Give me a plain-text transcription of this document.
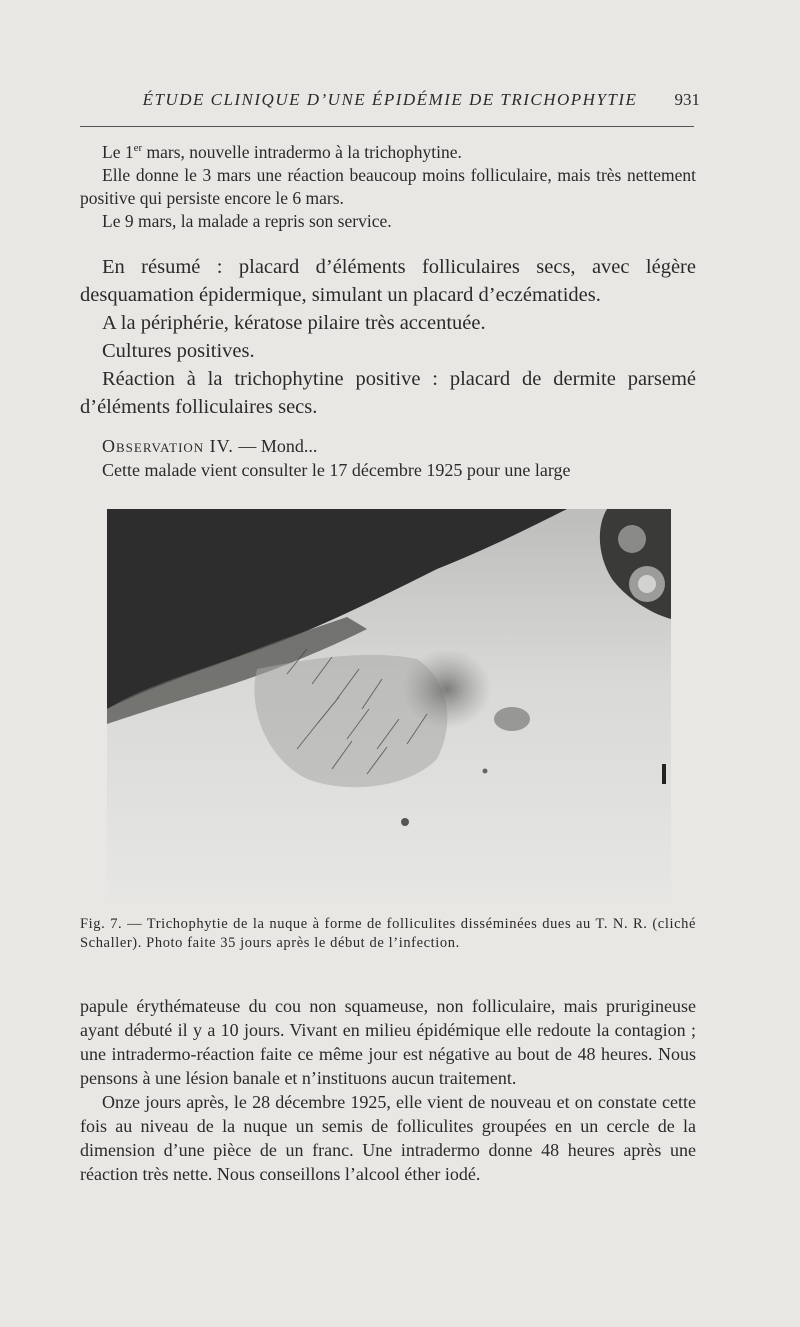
ÉTUDE CLINIQUE D’UNE ÉPIDÉMIE DE TRICHOPHYTIE	931

Le 1er mars, nouvelle intradermo à la trichophytine.

Elle donne le 3 mars une réaction beaucoup moins folliculaire, mais très nettement positive qui persiste encore le 6 mars.

Le 9 mars, la malade a repris son service.

En résumé : placard d’éléments folliculaires secs, avec légère desquamation épidermique, simulant un placard d’eczématides.

A la périphérie, kératose pilaire très accentuée.

Cultures positives.

Réaction à la trichophytine positive : placard de dermite parsemé d’éléments folliculaires secs.

Observation IV. — Mond...

Cette malade vient consulter le 17 décembre 1925 pour une large

Fig. 7. — Trichophytie de la nuque à forme de folliculites disséminées dues au T. N. R. (cliché Schaller). Photo faite 35 jours après le début de l’infection.

papule érythémateuse du cou non squameuse, non folliculaire, mais prurigineuse ayant débuté il y a 10 jours. Vivant en milieu épidémique elle redoute la contagion ; une intradermo-réaction faite ce même jour est négative au bout de 48 heures. Nous pensons à une lésion banale et n’instituons aucun traitement.

Onze jours après, le 28 décembre 1925, elle vient de nouveau et on constate cette fois au niveau de la nuque un semis de folliculites groupées en un cercle de la dimension d’une pièce de un franc. Une intradermo donne 48 heures après une réaction très nette. Nous conseillons l’alcool éther iodé.
